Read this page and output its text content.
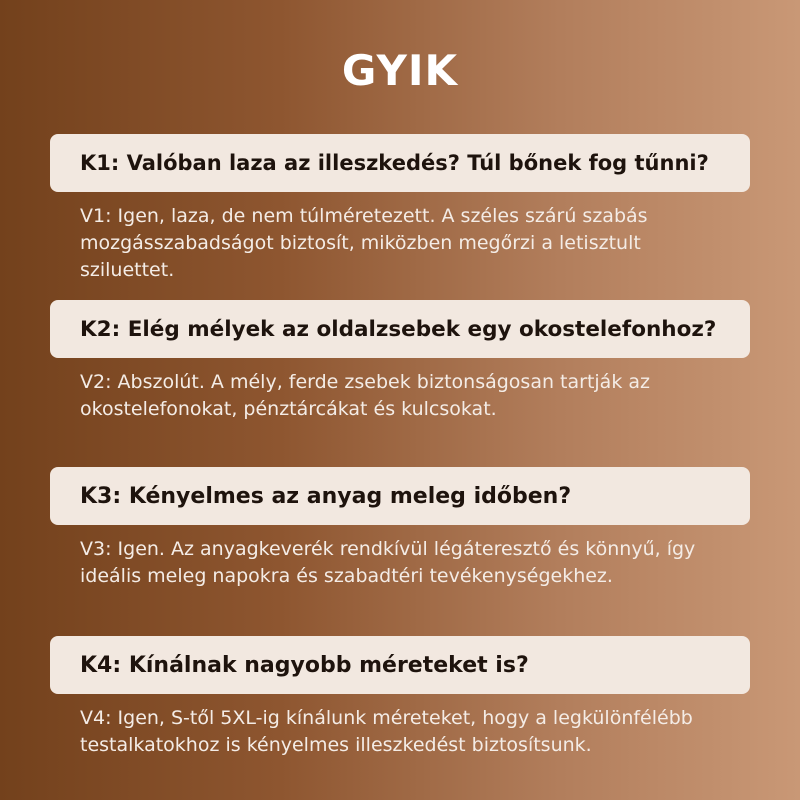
GYIK
K1: Valóban laza az illeszkedés? Túl bőnek fog tűnni?
V1: Igen, laza, de nem túlméretezett. A széles szárú szabás mozgásszabadságot biztosít, miközben megőrzi a letisztult sziluettet.
K2: Elég mélyek az oldalzsebek egy okostelefonhoz?
V2: Abszolút. A mély, ferde zsebek biztonságosan tartják az okostelefonokat, pénztárcákat és kulcsokat.
K3: Kényelmes az anyag meleg időben?
V3: Igen. Az anyagkeverék rendkívül légáteresztő és könnyű, így ideális meleg napokra és szabadtéri tevékenységekhez.
K4: Kínálnak nagyobb méreteket is?
V4: Igen, S-től 5XL-ig kínálunk méreteket, hogy a legkülönfélébb testalkatokhoz is kényelmes illeszkedést biztosítsunk.
